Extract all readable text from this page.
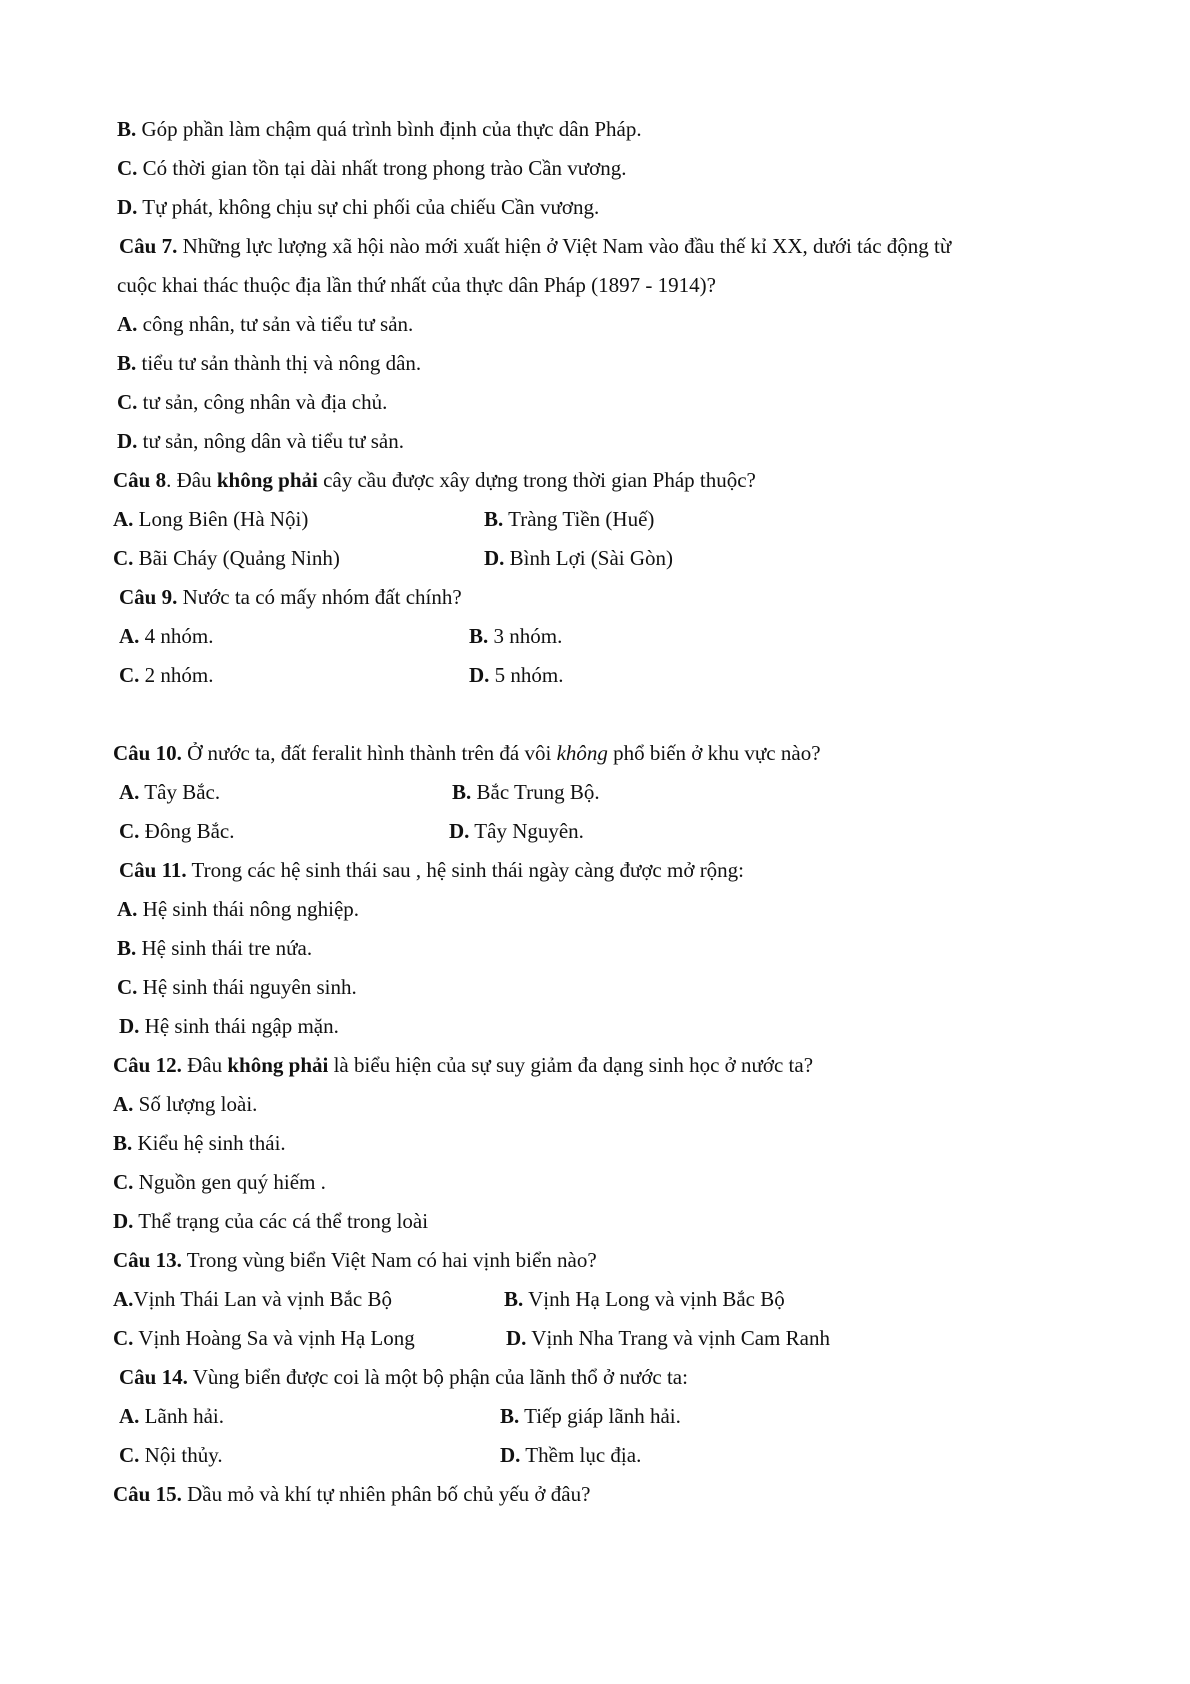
B. Góp phần làm chậm quá trình bình định của thực dân Pháp.
C. Có thời gian tồn tại dài nhất trong phong trào Cần vương.
D. Tự phát, không chịu sự chi phối của chiếu Cần vương.
Câu 7. Những lực lượng xã hội nào mới xuất hiện ở Việt Nam vào đầu thế kỉ XX, dưới tác động từ
cuộc khai thác thuộc địa lần thứ nhất của thực dân Pháp (1897 - 1914)?
A. công nhân, tư sản và tiểu tư sản.
B. tiểu tư sản thành thị và nông dân.
C. tư sản, công nhân và địa chủ.
D. tư sản, nông dân và tiểu tư sản.
Câu 8. Đâu không phải cây cầu được xây dựng trong thời gian Pháp thuộc?
A. Long Biên (Hà Nội)	B. Tràng Tiền (Huế)
C. Bãi Cháy (Quảng Ninh)	D. Bình Lợi (Sài Gòn)
Câu 9. Nước ta có mấy nhóm đất chính?
A. 4 nhóm.	B. 3 nhóm.
C. 2 nhóm.	D. 5 nhóm.
Câu 10. Ở nước ta, đất feralit hình thành trên đá vôi không phổ biến ở khu vực nào?
A. Tây Bắc.	B. Bắc Trung Bộ.
C. Đông Bắc.	D. Tây Nguyên.
Câu 11. Trong các hệ sinh thái sau , hệ sinh thái ngày càng được mở rộng:
A. Hệ sinh thái nông nghiệp.
B. Hệ sinh thái tre nứa.
C. Hệ sinh thái nguyên sinh.
D. Hệ sinh thái ngập mặn.
Câu 12. Đâu không phải là biểu hiện của sự suy giảm đa dạng sinh học ở nước ta?
A. Số lượng loài.
B. Kiểu hệ sinh thái.
C. Nguồn gen quý hiếm .
D. Thể trạng của các cá thể trong loài
Câu 13. Trong vùng biển Việt Nam có hai vịnh biển nào?
A.Vịnh Thái Lan và vịnh Bắc Bộ	B. Vịnh Hạ Long và vịnh Bắc Bộ
C. Vịnh Hoàng Sa và vịnh Hạ Long	D. Vịnh Nha Trang và vịnh Cam Ranh
Câu 14. Vùng biển được coi là một bộ phận của lãnh thổ ở nước ta:
A. Lãnh hải.	B. Tiếp giáp lãnh hải.
C. Nội thủy.	D. Thềm lục địa.
Câu 15. Dầu mỏ và khí tự nhiên phân bố chủ yếu ở đâu?
